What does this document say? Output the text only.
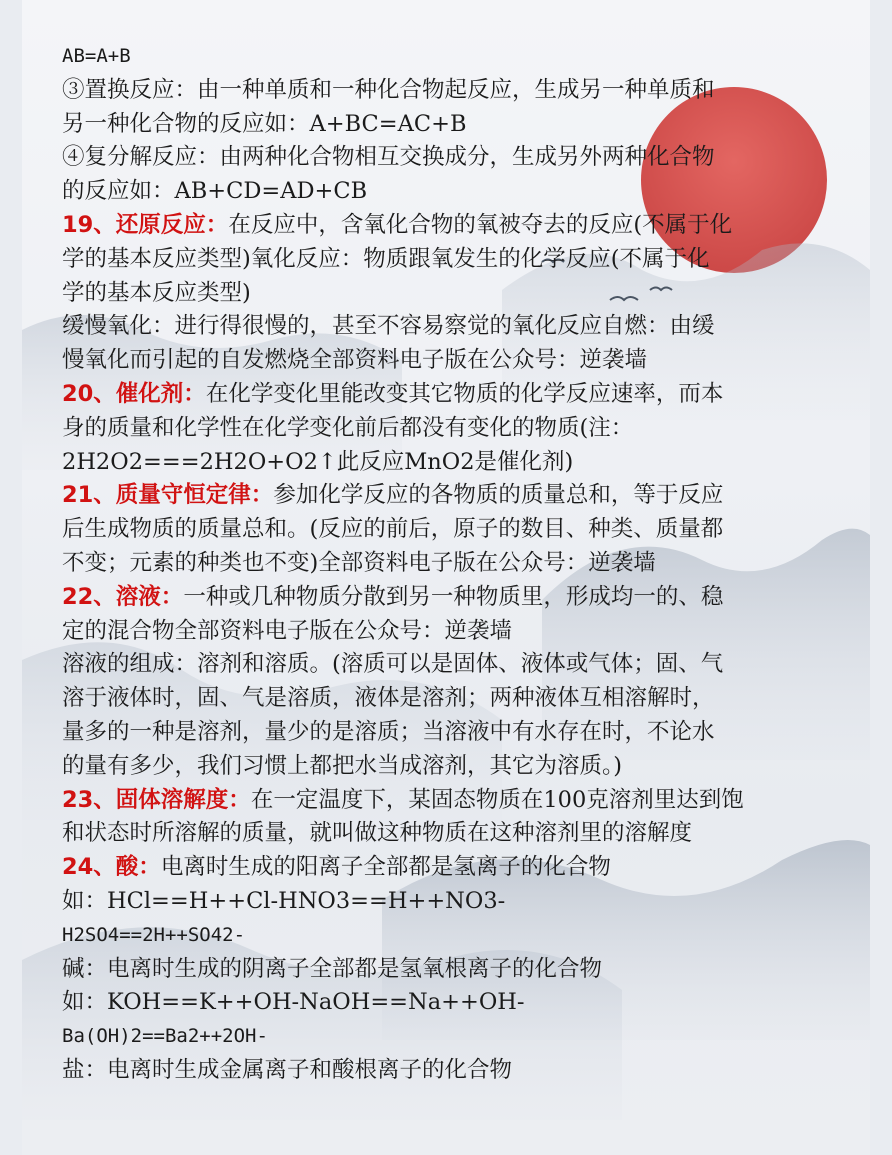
AB=A+B
③置换反应：由一种单质和一种化合物起反应，生成另一种单质和
另一种化合物的反应如：A+BC=AC+B
④复分解反应：由两种化合物相互交换成分，生成另外两种化合物
的反应如：AB+CD=AD+CB
19、还原反应：在反应中，含氧化合物的氧被夺去的反应(不属于化
学的基本反应类型)氧化反应：物质跟氧发生的化学反应(不属于化
学的基本反应类型)
缓慢氧化：进行得很慢的，甚至不容易察觉的氧化反应自燃：由缓
慢氧化而引起的自发燃烧全部资料电子版在公众号：逆袭墙
20、催化剂：在化学变化里能改变其它物质的化学反应速率，而本
身的质量和化学性在化学变化前后都没有变化的物质(注：
2H2O2===2H2O+O2↑此反应MnO2是催化剂)
21、质量守恒定律：参加化学反应的各物质的质量总和，等于反应
后生成物质的质量总和。(反应的前后，原子的数目、种类、质量都
不变；元素的种类也不变)全部资料电子版在公众号：逆袭墙
22、溶液：一种或几种物质分散到另一种物质里，形成均一的、稳
定的混合物全部资料电子版在公众号：逆袭墙
溶液的组成：溶剂和溶质。(溶质可以是固体、液体或气体；固、气
溶于液体时，固、气是溶质，液体是溶剂；两种液体互相溶解时，
量多的一种是溶剂，量少的是溶质；当溶液中有水存在时，不论水
的量有多少，我们习惯上都把水当成溶剂，其它为溶质。)
23、固体溶解度：在一定温度下，某固态物质在100克溶剂里达到饱
和状态时所溶解的质量，就叫做这种物质在这种溶剂里的溶解度
24、酸：电离时生成的阳离子全部都是氢离子的化合物
如：HCl==H++Cl-HNO3==H++NO3-
H2SO4==2H++SO42-
碱：电离时生成的阴离子全部都是氢氧根离子的化合物
如：KOH==K++OH-NaOH==Na++OH-
Ba(OH)2==Ba2++2OH-
盐：电离时生成金属离子和酸根离子的化合物
